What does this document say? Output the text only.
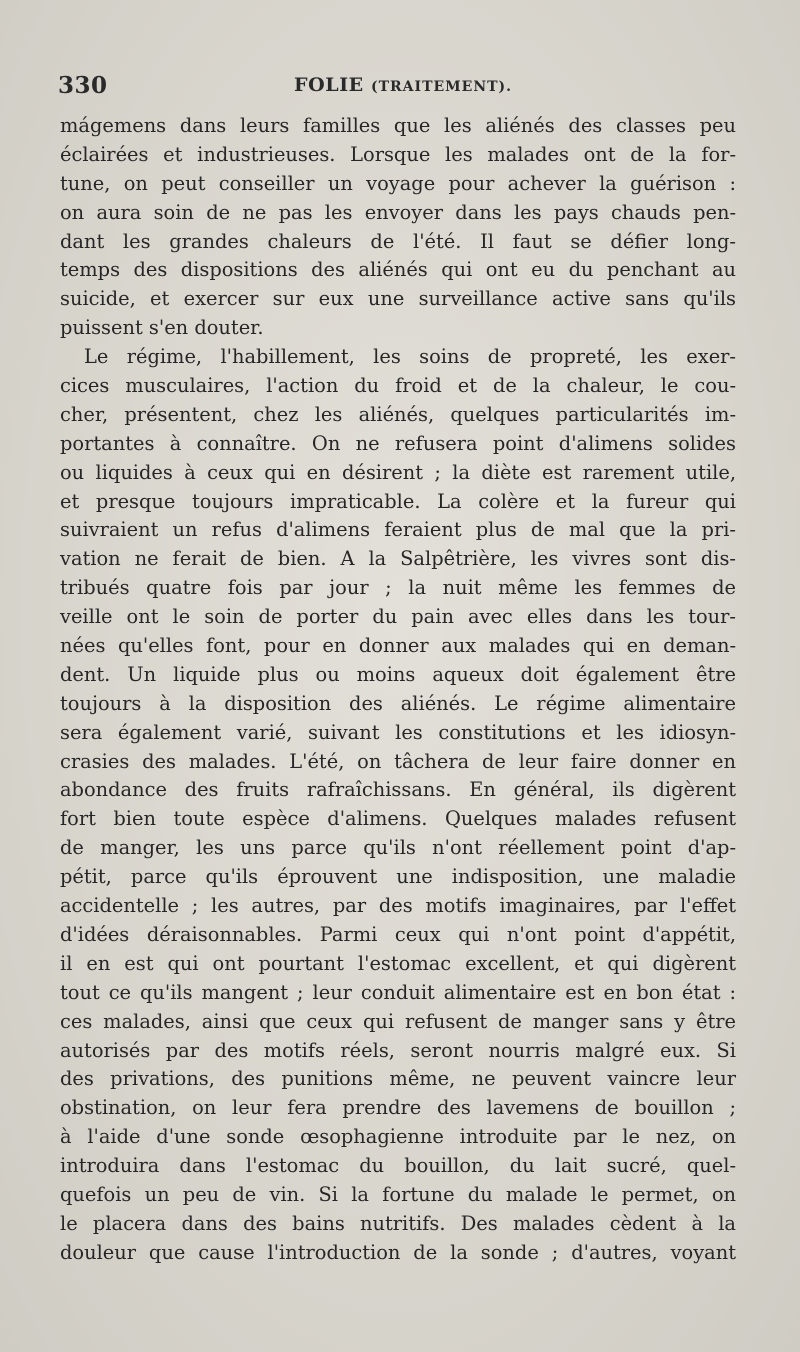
330	FOLIE (TRAITEMENT).
mágemens dans leurs familles que les aliénés des classes peu
éclairées et industrieuses. Lorsque les malades ont de la for-
tune, on peut conseiller un voyage pour achever la guérison :
on aura soin de ne pas les envoyer dans les pays chauds pen-
dant les grandes chaleurs de l'été. Il faut se défier long-
temps des dispositions des aliénés qui ont eu du penchant au
suicide, et exercer sur eux une surveillance active sans qu'ils
puissent s'en douter.
Le régime, l'habillement, les soins de propreté, les exer-
cices musculaires, l'action du froid et de la chaleur, le cou-
cher, présentent, chez les aliénés, quelques particularités im-
portantes à connaître. On ne refusera point d'alimens solides
ou liquides à ceux qui en désirent ; la diète est rarement utile,
et presque toujours impraticable. La colère et la fureur qui
suivraient un refus d'alimens feraient plus de mal que la pri-
vation ne ferait de bien. A la Salpêtrière, les vivres sont dis-
tribués quatre fois par jour ; la nuit même les femmes de
veille ont le soin de porter du pain avec elles dans les tour-
nées qu'elles font, pour en donner aux malades qui en deman-
dent. Un liquide plus ou moins aqueux doit également être
toujours à la disposition des aliénés. Le régime alimentaire
sera également varié, suivant les constitutions et les idiosyn-
crasies des malades. L'été, on tâchera de leur faire donner en
abondance des fruits rafraîchissans. En général, ils digèrent
fort bien toute espèce d'alimens. Quelques malades refusent
de manger, les uns parce qu'ils n'ont réellement point d'ap-
pétit, parce qu'ils éprouvent une indisposition, une maladie
accidentelle ; les autres, par des motifs imaginaires, par l'effet
d'idées déraisonnables. Parmi ceux qui n'ont point d'appétit,
il en est qui ont pourtant l'estomac excellent, et qui digèrent
tout ce qu'ils mangent ; leur conduit alimentaire est en bon état :
ces malades, ainsi que ceux qui refusent de manger sans y être
autorisés par des motifs réels, seront nourris malgré eux. Si
des privations, des punitions même, ne peuvent vaincre leur
obstination, on leur fera prendre des lavemens de bouillon ;
à l'aide d'une sonde œsophagienne introduite par le nez, on
introduira dans l'estomac du bouillon, du lait sucré, quel-
quefois un peu de vin. Si la fortune du malade le permet, on
le placera dans des bains nutritifs. Des malades cèdent à la
douleur que cause l'introduction de la sonde ; d'autres, voyant
